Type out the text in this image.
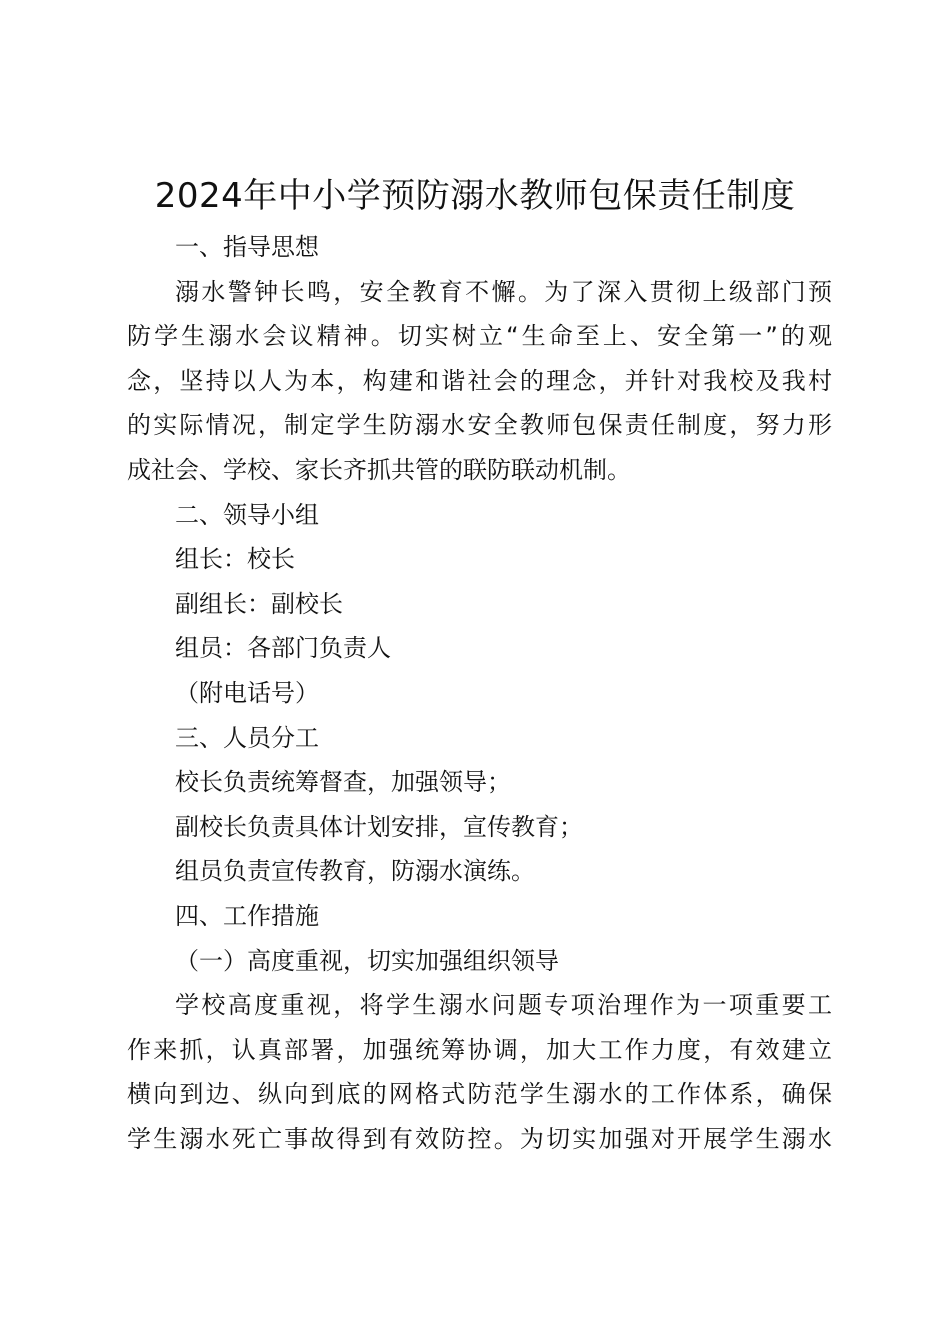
2024年中小学预防溺水教师包保责任制度
一、指导思想
溺水警钟长鸣，安全教育不懈。为了深入贯彻上级部门预
防学生溺水会议精神。切实树立“生命至上、安全第一”的观
念，坚持以人为本，构建和谐社会的理念，并针对我校及我村
的实际情况，制定学生防溺水安全教师包保责任制度，努力形
成社会、学校、家长齐抓共管的联防联动机制。
二、领导小组
组长：校长
副组长：副校长
组员：各部门负责人
（附电话号）
三、人员分工
校长负责统筹督查，加强领导；
副校长负责具体计划安排，宣传教育；
组员负责宣传教育，防溺水演练。
四、工作措施
（一）高度重视，切实加强组织领导
学校高度重视，将学生溺水问题专项治理作为一项重要工
作来抓，认真部署，加强统筹协调，加大工作力度，有效建立
横向到边、纵向到底的网格式防范学生溺水的工作体系，确保
学生溺水死亡事故得到有效防控。为切实加强对开展学生溺水
